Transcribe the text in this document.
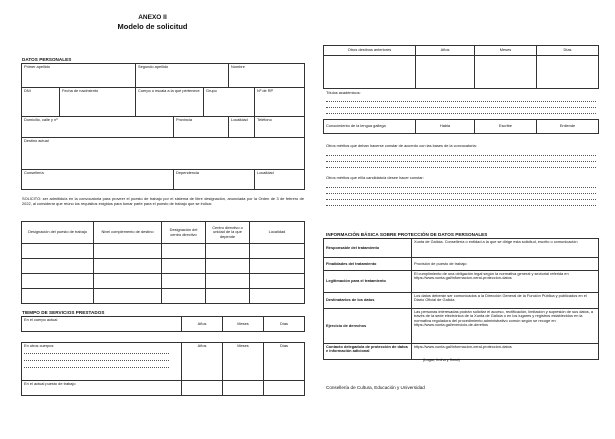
ANEXO II
Modelo de solicitud
DATOS PERSONALES
Primer apellido		Segundo apellido			Nombre	
DNI	Fecha de nacimiento	Cuerpo o escala a la que pertenece		Grupo		Nº de RP
Domicilio, calle y nº			Provincia		Localidad	Teléfono
Destino actual						
Consellería			Dependencia			Localidad
SOLICITO: ser admitido/a en la convocatoria para proveer el puesto de trabajo por el sistema de libre designación, anunciada por la Orden de 3 de febrero de 2022, al considerar que reúno los requisitos exigidos para tomar parte para el puesto de trabajo que se indica:
Designación del puesto de trabajo	Nivel complemento de destino	Designación del centro directivo	Centro directivo o unidad de la que depende	Localidad

TIEMPO DE SERVICIOS PRESTADOS
En el cuerpo actual	Años	Meses	Días
En otros cuerpos	Años	Meses	Días
En el actual puesto de trabajo			
Otros destinos anteriores	Años	Meses	Días

Títulos académicos:
Conocimiento de la lengua gallega	Habla	Escribe	Entiende
Otros méritos que deban hacerse constar de acuerdo con las bases de la convocatoria:
Otros méritos que el/la candidato/a desee hacer constar:
INFORMACIÓN BÁSICA SOBRE PROTECCIÓN DE DATOS PERSONALES
Responsable del tratamiento	Xunta de Galicia. Consellería o entidad a la que se dirige esta solicitud, escrito o comunicación
Finalidades del tratamiento	Provisión de puesto de trabajo
Legitimación para el tratamiento	El cumplimiento de una obligación legal según la normativa general y sectorial referida en https://www.xunta.gal/informacion-xeral-proteccion-datos
Destinatarios de los datos	Los datos deberán ser comunicados a la Dirección General de la Función Pública y publicados en el Diario Oficial de Galicia
Ejercicio de derechos	Las personas interesadas podrán solicitar el acceso, rectificación, limitación y supresión de sus datos, a través de la sede electrónica de la Xunta de Galicia o en los lugares y registros establecidos en la normativa reguladora del procedimiento administrativo común según se recoge en https://www.xunta.gal/exercicio-de-dereitos
Contacto delegado/a de protección de datos e información adicional	https://www.xunta.gal/informacion-xeral-proteccion-datos
(Lugar, fecha y firma)
Consellería de Cultura, Educación y Universidad
